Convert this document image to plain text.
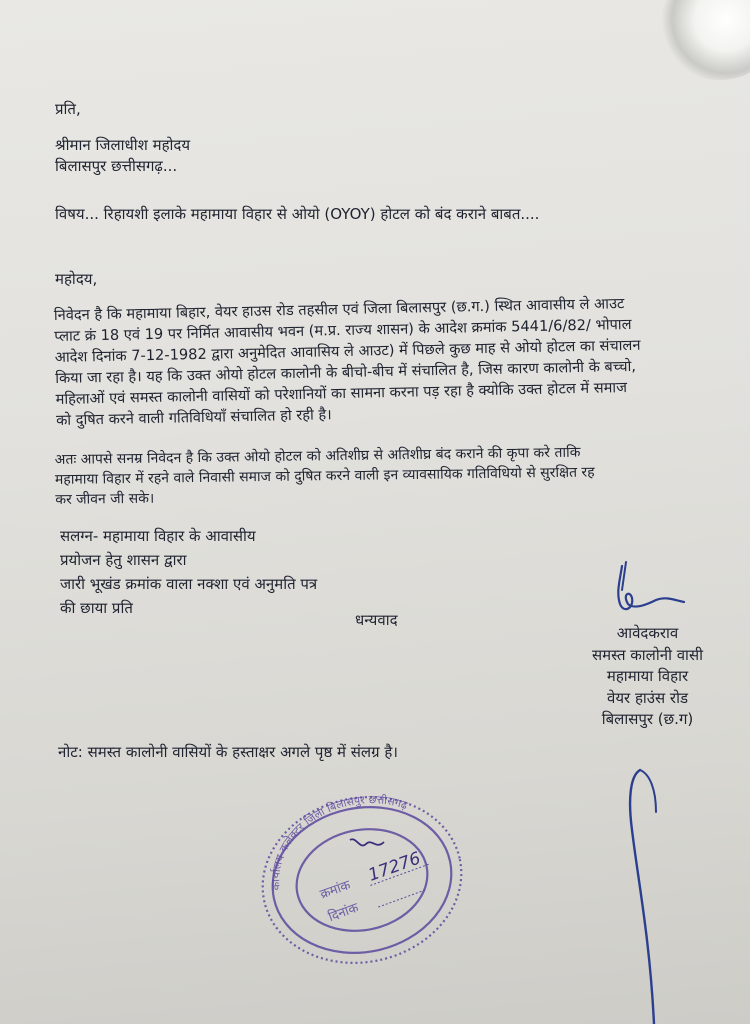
प्रति,
श्रीमान जिलाधीश महोदय
बिलासपुर छत्तीसगढ़...
विषय... रिहायशी इलाके महामाया विहार से ओयो (OYOY) होटल को बंद कराने बाबत....
महोदय,
निवेदन है कि महामाया बिहार, वेयर हाउस रोड तहसील एवं जिला बिलासपुर (छ.ग.) स्थित आवासीय ले आउट
प्लाट क्रं 18 एवं 19 पर निर्मित आवासीय भवन (म.प्र. राज्य शासन) के आदेश क्रमांक 5441/6/82/ भोपाल
आदेश दिनांक 7-12-1982 द्वारा अनुमेदित आवासिय ले आउट) में पिछले कुछ माह से ओयो होटल का संचालन
किया जा रहा है। यह कि उक्त ओयो होटल कालोनी के बीचो-बीच में संचालित है, जिस कारण कालोनी के बच्चो,
महिलाओं एवं समस्त कालोनी वासियों को परेशानियों का सामना करना पड़ रहा है क्योकि उक्त होटल में समाज
को दुषित करने वाली गतिविधियाँ संचालित हो रही है।
अतः आपसे सनम्र निवेदन है कि उक्त ओयो होटल को अतिशीघ्र से अतिशीघ्र बंद कराने की कृपा करे ताकि
महामाया विहार में रहने वाले निवासी समाज को दुषित करने वाली इन व्यावसायिक गतिविधियो से सुरक्षित रह
कर जीवन जी सके।
सलग्न- महामाया विहार के आवासीय
प्रयोजन हेतु शासन द्वारा
जारी भूखंड क्रमांक वाला नक्शा एवं अनुमति पत्र
की छाया प्रति
धन्यवाद
आवेदकराव
समस्त कालोनी वासी
महामाया विहार
वेयर हाउंस रोड
बिलासपुर (छ.ग)
नोट: समस्त कालोनी वासियों के हस्ताक्षर अगले पृष्ठ में संलग्र है।
कार्यालय कलेक्टर जिला बिलासपुर छत्तीसगढ़
क्रमांक
दिनांक
17276
